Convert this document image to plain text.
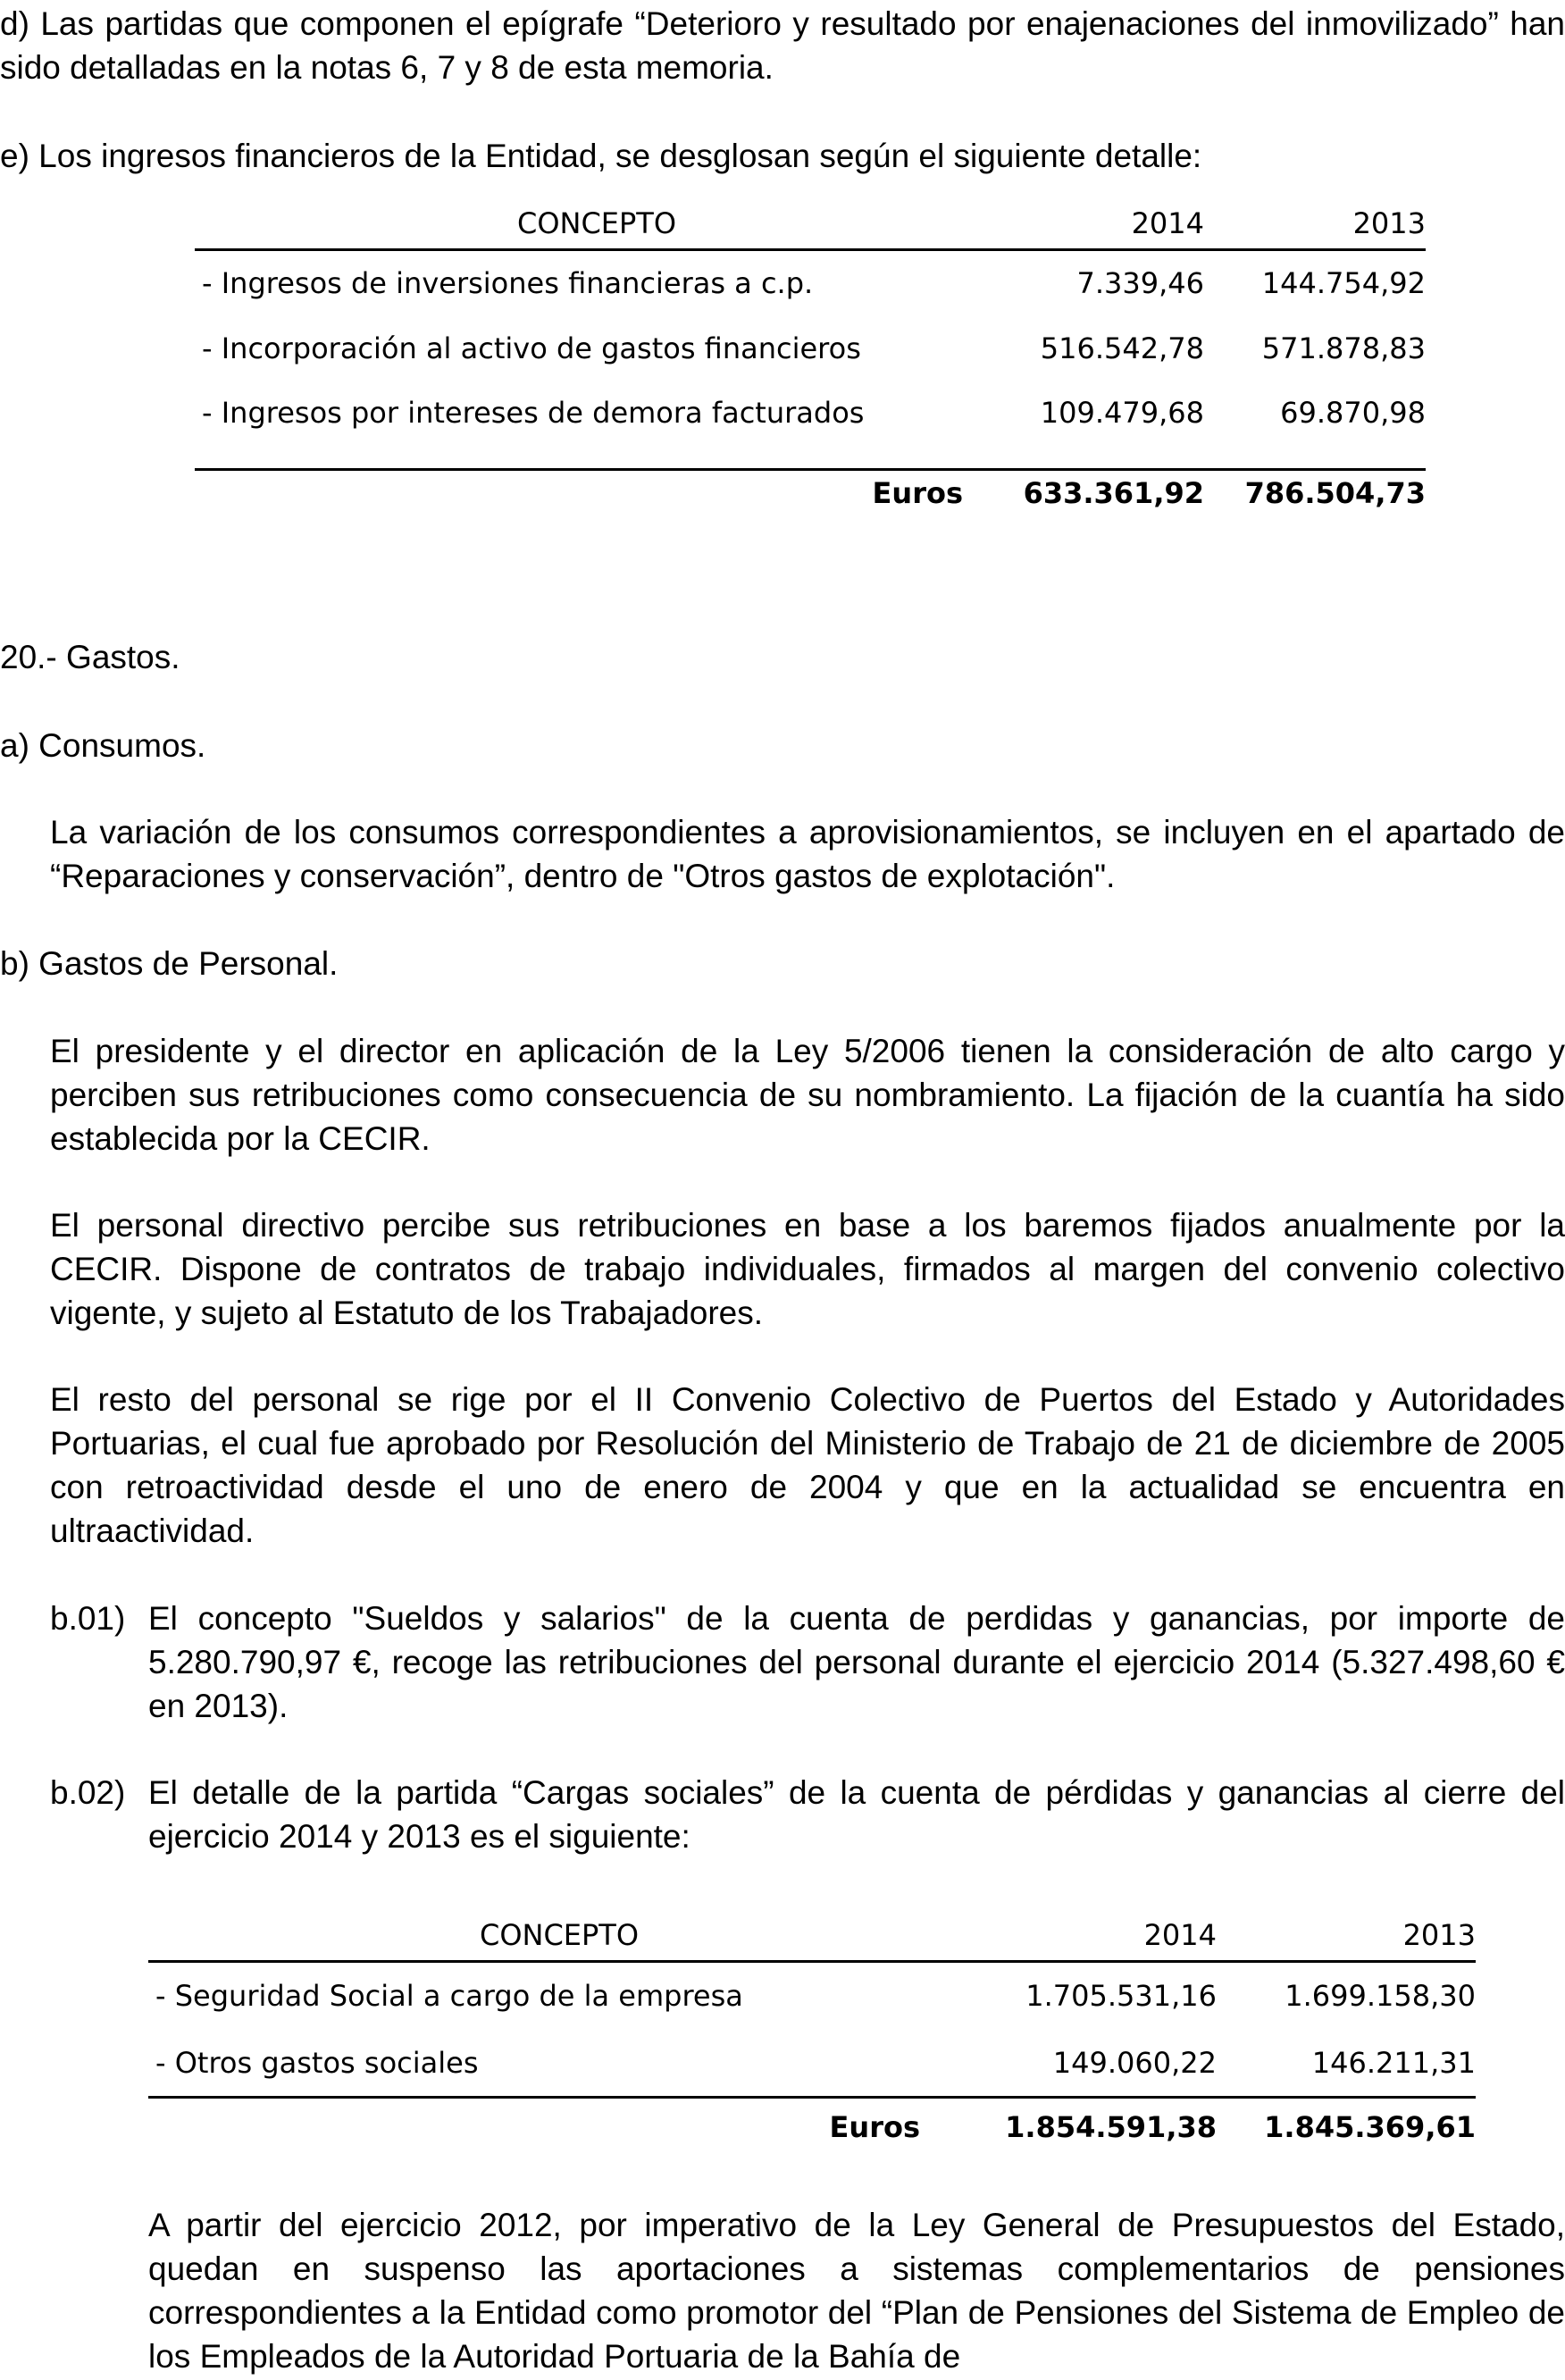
d) Las partidas que componen el epígrafe “Deterioro y resultado por enajenaciones del inmovilizado” han sido detalladas en la notas 6, 7 y 8 de esta memoria.
e) Los ingresos financieros de la Entidad, se desglosan según el siguiente detalle:
CONCEPTO	2014	2013
- Ingresos de inversiones financieras a c.p.	7.339,46	144.754,92
- Incorporación al activo de gastos financieros	516.542,78	571.878,83
- Ingresos por intereses de demora facturados	109.479,68	69.870,98

Euros	633.361,92	786.504,73
20.- Gastos.
a) Consumos.
La variación de los consumos correspondientes a aprovisionamientos, se incluyen en el apartado de “Reparaciones y conservación”, dentro de "Otros gastos de explotación".
b) Gastos de Personal.
El presidente y el director en aplicación de la Ley 5/2006 tienen la consideración de alto cargo y perciben sus retribuciones como consecuencia de su nombramiento. La fijación de la cuantía ha sido establecida por la CECIR.
El personal directivo percibe sus retribuciones en base a los baremos fijados anualmente por la CECIR. Dispone de contratos de trabajo individuales, firmados al margen del convenio colectivo vigente, y sujeto al Estatuto de los Trabajadores.
El resto del personal se rige por el II Convenio Colectivo de Puertos del Estado y Autoridades Portuarias, el cual fue aprobado por Resolución del Ministerio de Trabajo de 21 de diciembre de 2005 con retroactividad desde el uno de enero de 2004 y que en la actualidad se encuentra en ultraactividad.
b.01) El concepto "Sueldos y salarios" de la cuenta de perdidas y ganancias, por importe de 5.280.790,97 €, recoge las retribuciones del personal durante el ejercicio 2014 (5.327.498,60 € en 2013).
b.02) El detalle de la partida “Cargas sociales” de la cuenta de pérdidas y ganancias al cierre del ejercicio 2014 y 2013 es el siguiente:
CONCEPTO	2014	2013
- Seguridad Social a cargo de la empresa	1.705.531,16	1.699.158,30
- Otros gastos sociales	149.060,22	146.211,31
Euros	1.854.591,38	1.845.369,61
A partir del ejercicio 2012, por imperativo de la Ley General de Presupuestos del Estado, quedan en suspenso las aportaciones a sistemas complementarios de pensiones correspondientes a la Entidad como promotor del “Plan de Pensiones del Sistema de Empleo de los Empleados de la Autoridad Portuaria de la Bahía de
